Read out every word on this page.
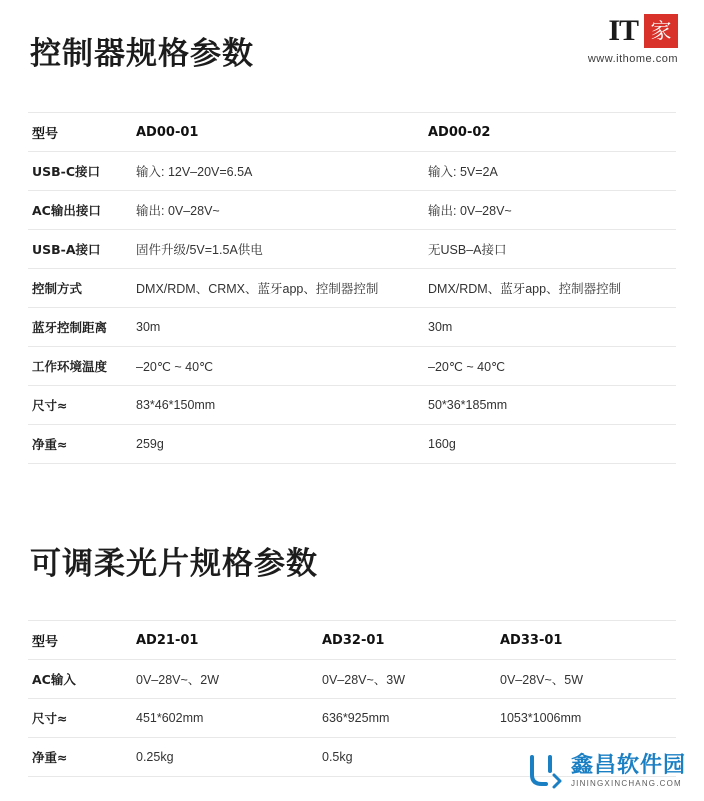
IT 家
www.ithome.com
控制器规格参数
型号	AD00-01	AD00-02
USB-C接口	输入: 12V–20V=6.5A	输入: 5V=2A
AC输出接口	输出: 0V–28V~	输出: 0V–28V~
USB-A接口	固件升级/5V=1.5A供电	无USB–A接口
控制方式	DMX/RDM、CRMX、蓝牙app、控制器控制	DMX/RDM、蓝牙app、控制器控制
蓝牙控制距离	30m	30m
工作环境温度	–20℃ ~ 40℃	–20℃ ~ 40℃
尺寸≈	83*46*150mm	50*36*185mm
净重≈	259g	160g
可调柔光片规格参数
型号	AD21-01	AD32-01	AD33-01
AC输入	0V–28V~、2W	0V–28V~、3W	0V–28V~、5W
尺寸≈	451*602mm	636*925mm	1053*1006mm
净重≈	0.25kg	0.5kg		鑫昌软件园
JININGXINCHANG.COM
